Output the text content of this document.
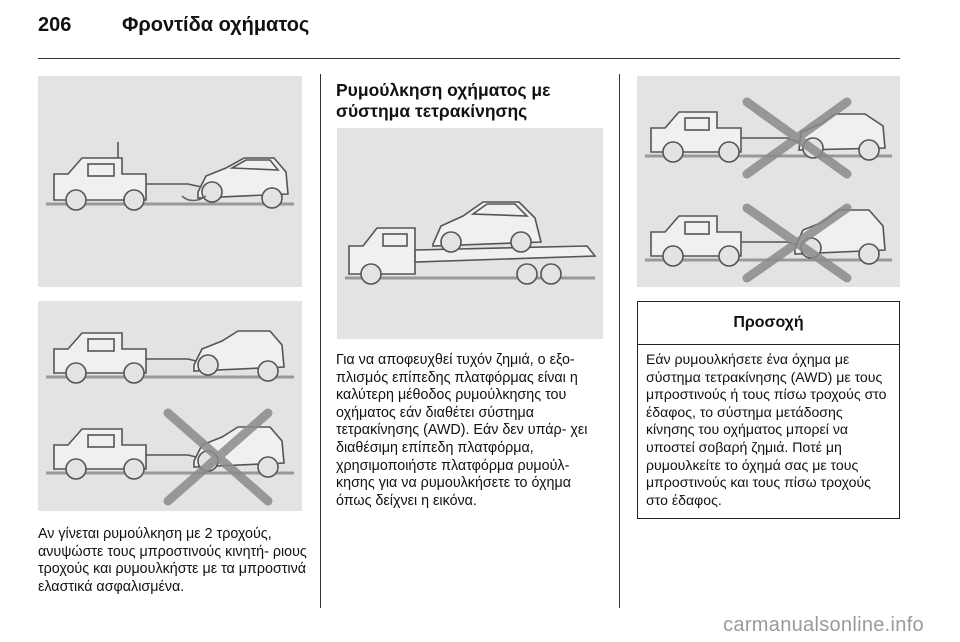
206	Φροντίδα οχήματος

Αν γίνεται ρυμούλκηση με 2 τροχούς, ανυψώστε τους μπροστινούς κινητή- ριους τροχούς και ρυμουλκήστε με τα μπροστινά ελαστικά ασφαλισμένα.

Ρυμούλκηση οχήματος με σύστημα τετρακίνησης

Για να αποφευχθεί τυχόν ζημιά, ο εξο- πλισμός επίπεδης πλατφόρμας είναι η καλύτερη μέθοδος ρυμούλκησης του οχήματος εάν διαθέτει σύστημα τετρακίνησης (AWD). Εάν δεν υπάρ- χει διαθέσιμη επίπεδη πλατφόρμα, χρησιμοποιήστε πλατφόρμα ρυμούλ- κησης για να ρυμουλκήσετε το όχημα όπως δείχνει η εικόνα.

Προσοχή

Εάν ρυμουλκήσετε ένα όχημα με σύστημα τετρακίνησης (AWD) με τους μπροστινούς ή τους πίσω τροχούς στο έδαφος, το σύστημα μετάδοσης κίνησης του οχήματος μπορεί να υποστεί σοβαρή ζημιά. Ποτέ μη ρυμουλκείτε το όχημά σας με τους μπροστινούς και τους πίσω τροχούς στο έδαφος.

carmanualsonline.info
